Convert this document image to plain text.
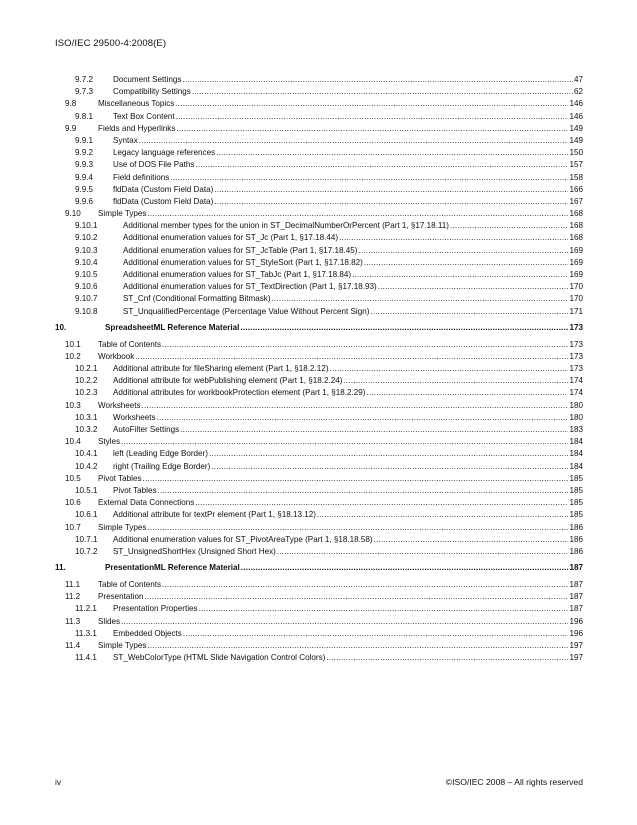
ISO/IEC 29500-4:2008(E)
9.7.2	Document Settings .....	47
9.7.3	Compatibility Settings .....	62
9.8	Miscellaneous Topics .....	146
9.8.1	Text Box Content .....	146
9.9	Fields and Hyperlinks .....	149
9.9.1	Syntax .....	149
9.9.2	Legacy language references .....	150
9.9.3	Use of DOS File Paths .....	157
9.9.4	Field definitions .....	158
9.9.5	fldData (Custom Field Data) .....	166
9.9.6	fldData (Custom Field Data) .....	167
9.10	Simple Types .....	168
9.10.1	Additional member types for the union in ST_DecimalNumberOrPercent (Part 1, §17.18.11) .....	168
9.10.2	Additional enumeration values for ST_Jc (Part 1, §17.18.44) .....	168
9.10.3	Additional enumeration values for ST_JcTable (Part 1, §17.18.45) .....	169
9.10.4	Additional enumeration values for ST_StyleSort (Part 1, §17.18.82) .....	169
9.10.5	Additional enumeration values for ST_TabJc (Part 1, §17.18.84) .....	169
9.10.6	Additional enumeration values for ST_TextDirection (Part 1, §17.18.93) .....	170
9.10.7	ST_Cnf (Conditional Formatting Bitmask) .....	170
9.10.8	ST_UnqualifiedPercentage (Percentage Value Without Percent Sign) .....	171
10.	SpreadsheetML Reference Material .....	173
10.1	Table of Contents .....	173
10.2	Workbook .....	173
10.2.1	Additional attribute for fileSharing element (Part 1, §18.2.12) .....	173
10.2.2	Additional attribute for webPublishing element (Part 1, §18.2.24) .....	174
10.2.3	Additional attributes for workbookProtection element (Part 1, §18.2.29) .....	174
10.3	Worksheets .....	180
10.3.1	Worksheets .....	180
10.3.2	AutoFilter Settings .....	183
10.4	Styles .....	184
10.4.1	left (Leading Edge Border) .....	184
10.4.2	right (Trailing Edge Border) .....	184
10.5	Pivot Tables .....	185
10.5.1	Pivot Tables .....	185
10.6	External Data Connections .....	185
10.6.1	Additional attribute for textPr element (Part 1, §18.13.12) .....	185
10.7	Simple Types .....	186
10.7.1	Additional enumeration values for ST_PivotAreaType (Part 1, §18.18.58) .....	186
10.7.2	ST_UnsignedShortHex (Unsigned Short Hex) .....	186
11.	PresentationML Reference Material .....	187
11.1	Table of Contents .....	187
11.2	Presentation .....	187
11.2.1	Presentation Properties .....	187
11.3	Slides .....	196
11.3.1	Embedded Objects .....	196
11.4	Simple Types .....	197
11.4.1	ST_WebColorType (HTML Slide Navigation Control Colors) .....	197
iv	©ISO/IEC 2008 – All rights reserved
